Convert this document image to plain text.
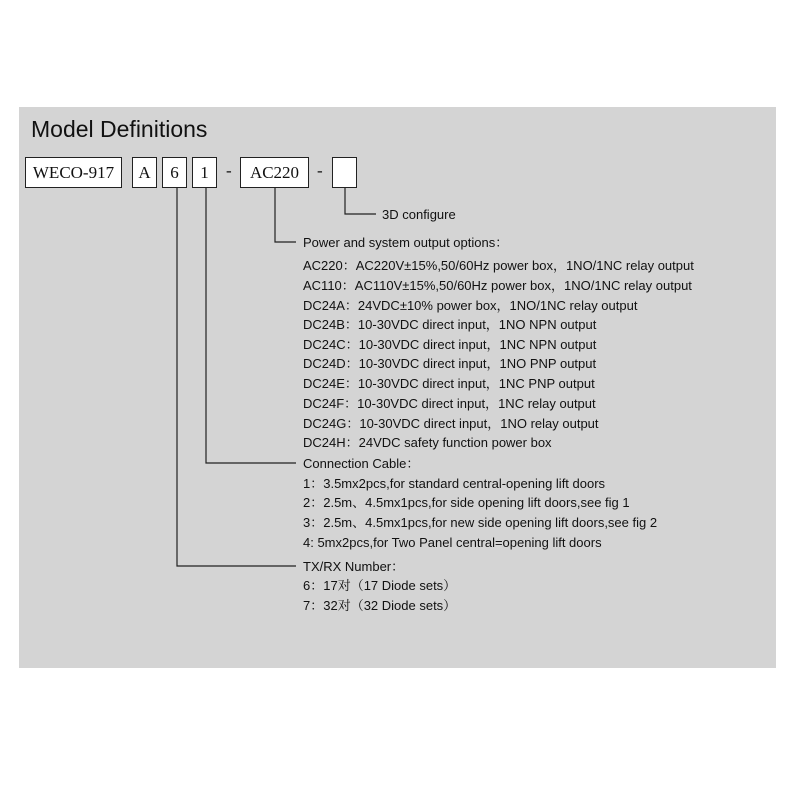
Model Definitions
WECO-917	A	6	1	-	AC220	-
3D configure
Power and system output options：
AC220：AC220V±15%,50/60Hz power box，1NO/1NC relay output
AC110：AC110V±15%,50/60Hz power box，1NO/1NC relay output
DC24A：24VDC±10% power box，1NO/1NC relay output
DC24B：10-30VDC direct input，1NO NPN output
DC24C：10-30VDC direct input，1NC NPN output
DC24D：10-30VDC direct input，1NO PNP output
DC24E：10-30VDC direct input，1NC PNP output
DC24F：10-30VDC direct input，1NC relay output
DC24G：10-30VDC direct input，1NO relay output
DC24H：24VDC safety function power box
Connection Cable：
1：3.5mx2pcs,for standard central-opening lift doors
2：2.5m、4.5mx1pcs,for side opening lift doors,see fig 1
3：2.5m、4.5mx1pcs,for new side opening lift doors,see fig 2
4: 5mx2pcs,for Two Panel central=opening lift doors
TX/RX Number：
6：17对（17 Diode sets）
7：32对（32 Diode sets）
